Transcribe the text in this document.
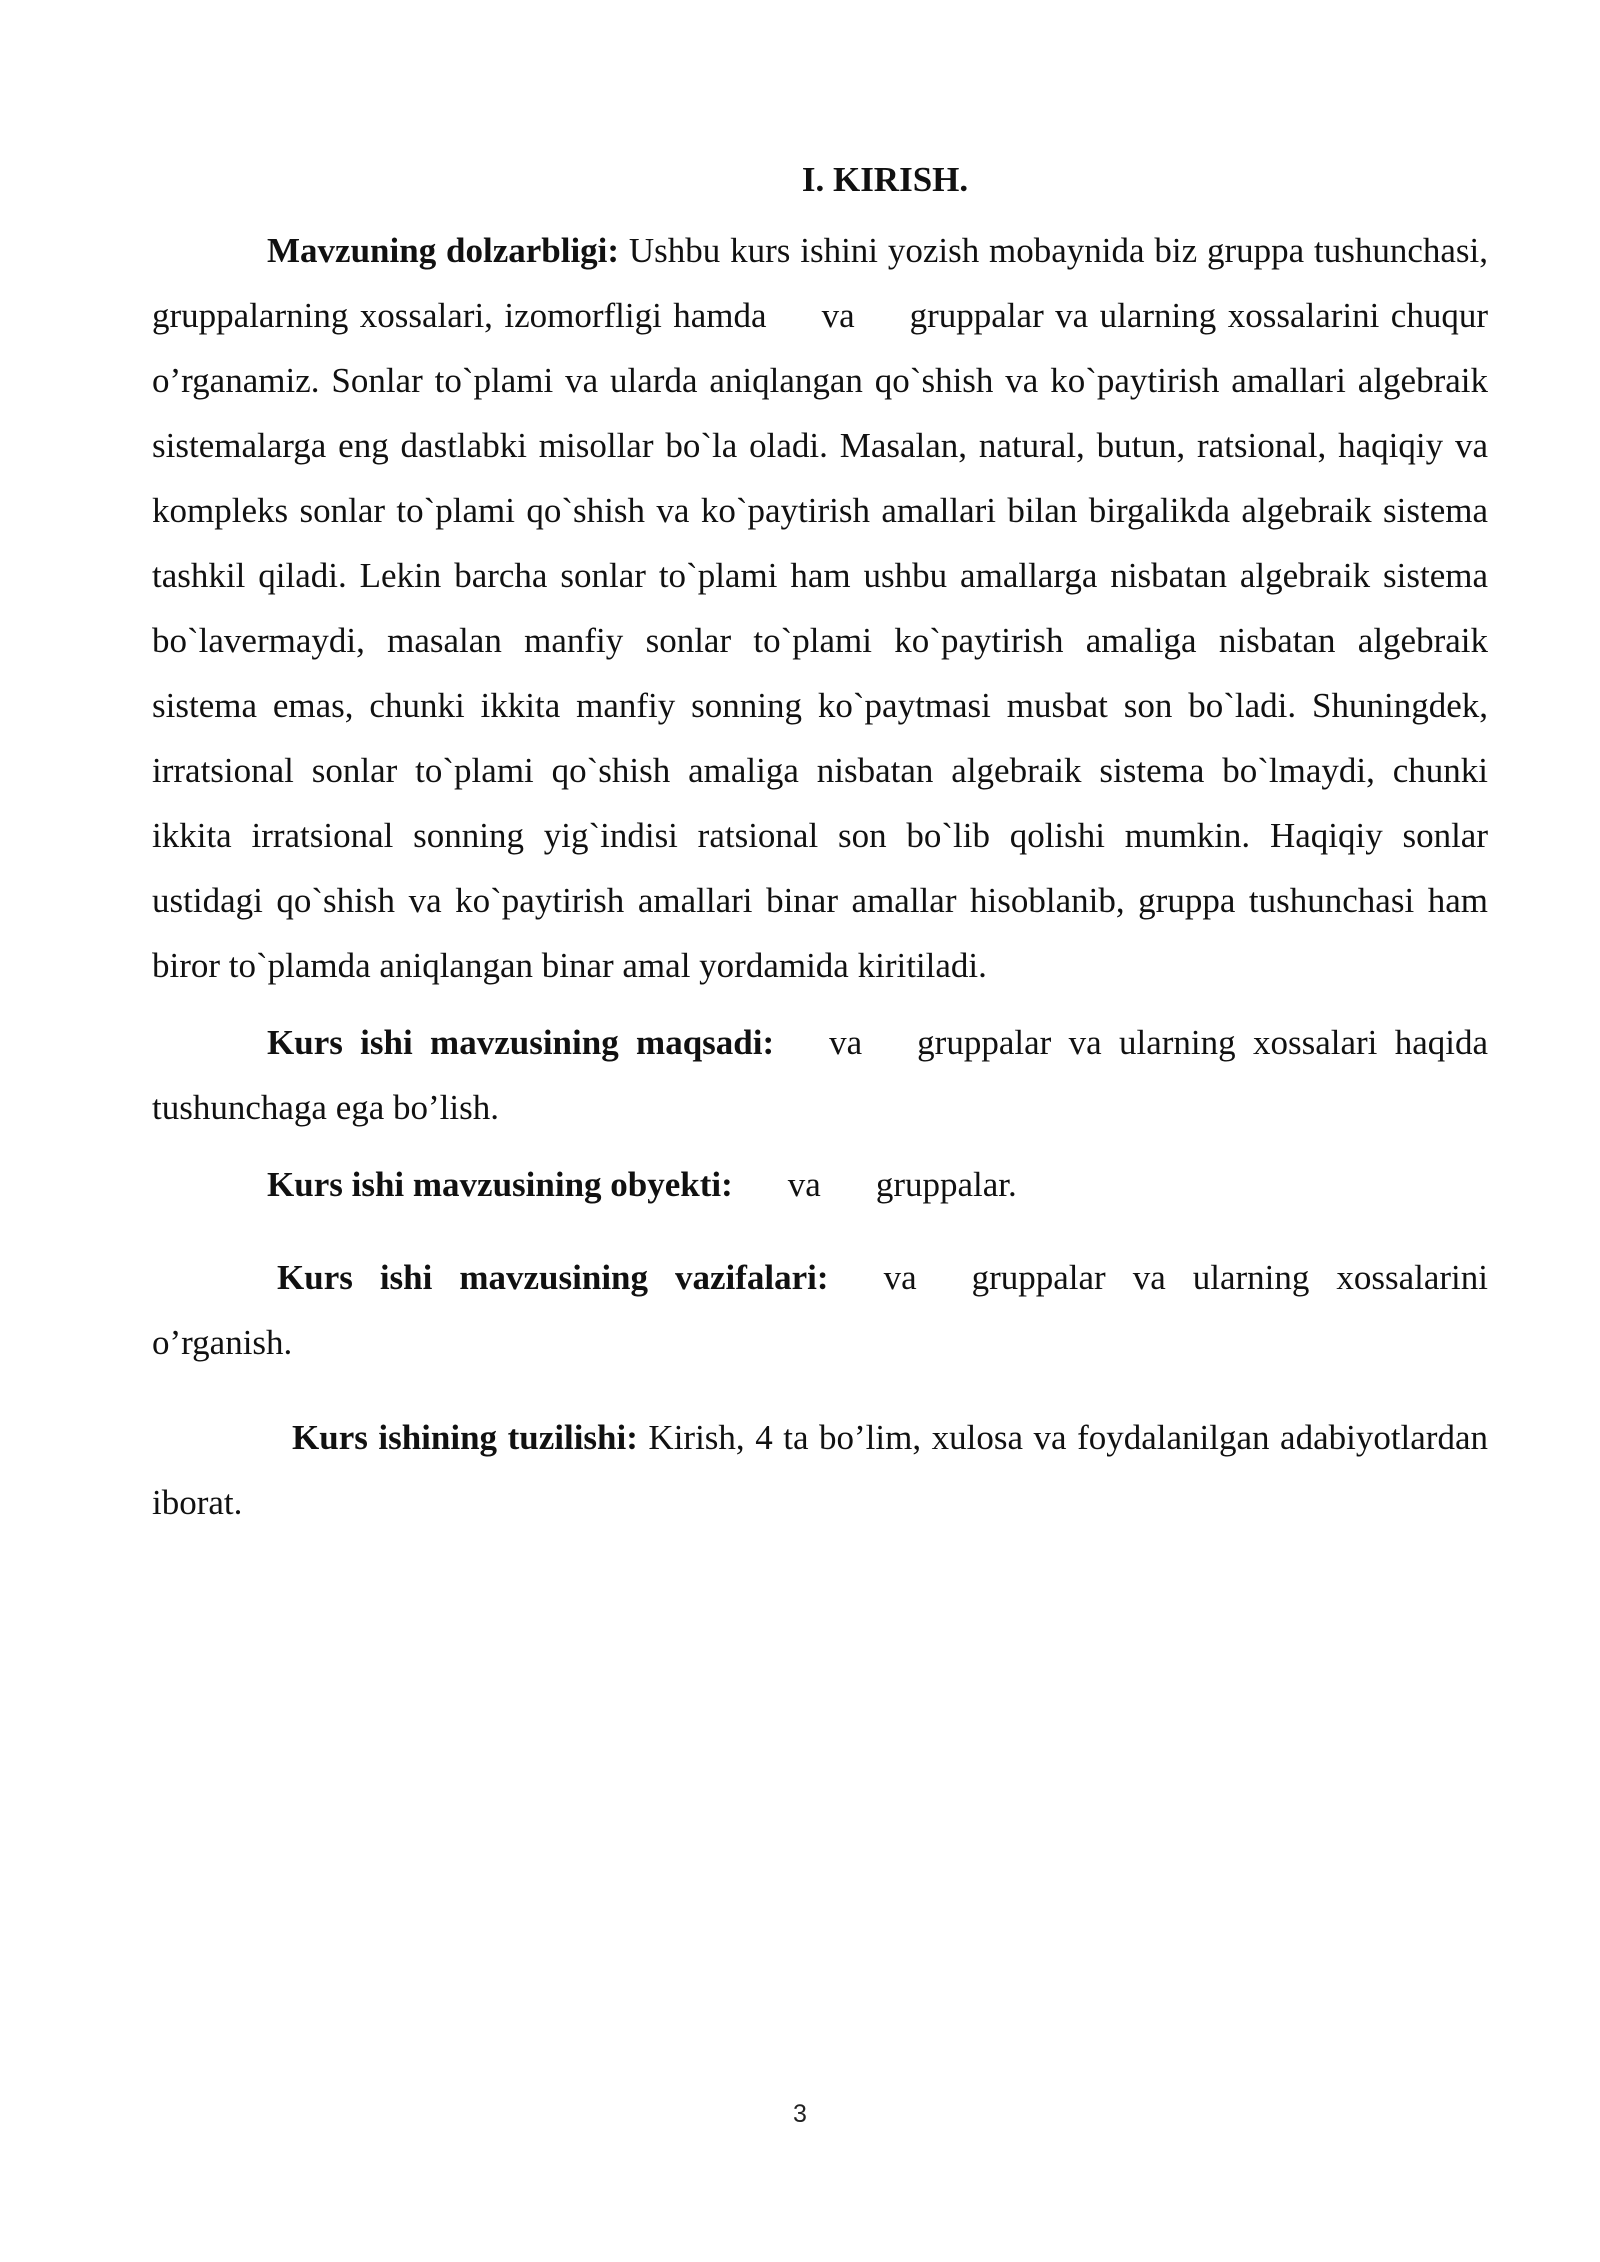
I. KIRISH.

Mavzuning dolzarbligi: Ushbu kurs ishini yozish mobaynida biz gruppa tushunchasi, gruppalarning xossalari, izomorfligi hamda va gruppalar va ularning xossalarini chuqur o’rganamiz. Sonlar to`plami va ularda aniqlangan qo`shish va ko`paytirish amallari algebraik sistemalarga eng dastlabki misollar bo`la oladi. Masalan, natural, butun, ratsional, haqiqiy va kompleks sonlar to`plami qo`shish va ko`paytirish amallari bilan birgalikda algebraik sistema tashkil qiladi. Lekin barcha sonlar to`plami ham ushbu amallarga nisbatan algebraik sistema bo`lavermaydi, masalan manfiy sonlar to`plami ko`paytirish amaliga nisbatan algebraik sistema emas, chunki ikkita manfiy sonning ko`paytmasi musbat son bo`ladi. Shuningdek, irratsional sonlar to`plami qo`shish amaliga nisbatan algebraik sistema bo`lmaydi, chunki ikkita irratsional sonning yig`indisi ratsional son bo`lib qolishi mumkin. Haqiqiy sonlar ustidagi qo`shish va ko`paytirish amallari binar amallar hisoblanib, gruppa tushunchasi ham biror to`plamda aniqlangan binar amal yordamida kiritiladi.

Kurs ishi mavzusining maqsadi: va gruppalar va ularning xossalari haqida tushunchaga ega bo’lish.

Kurs ishi mavzusining obyekti: va gruppalar.

Kurs ishi mavzusining vazifalari: va gruppalar va ularning xossalarini o’rganish.

Kurs ishining tuzilishi: Kirish, 4 ta bo’lim, xulosa va foydalanilgan adabiyotlardan iborat.

3
